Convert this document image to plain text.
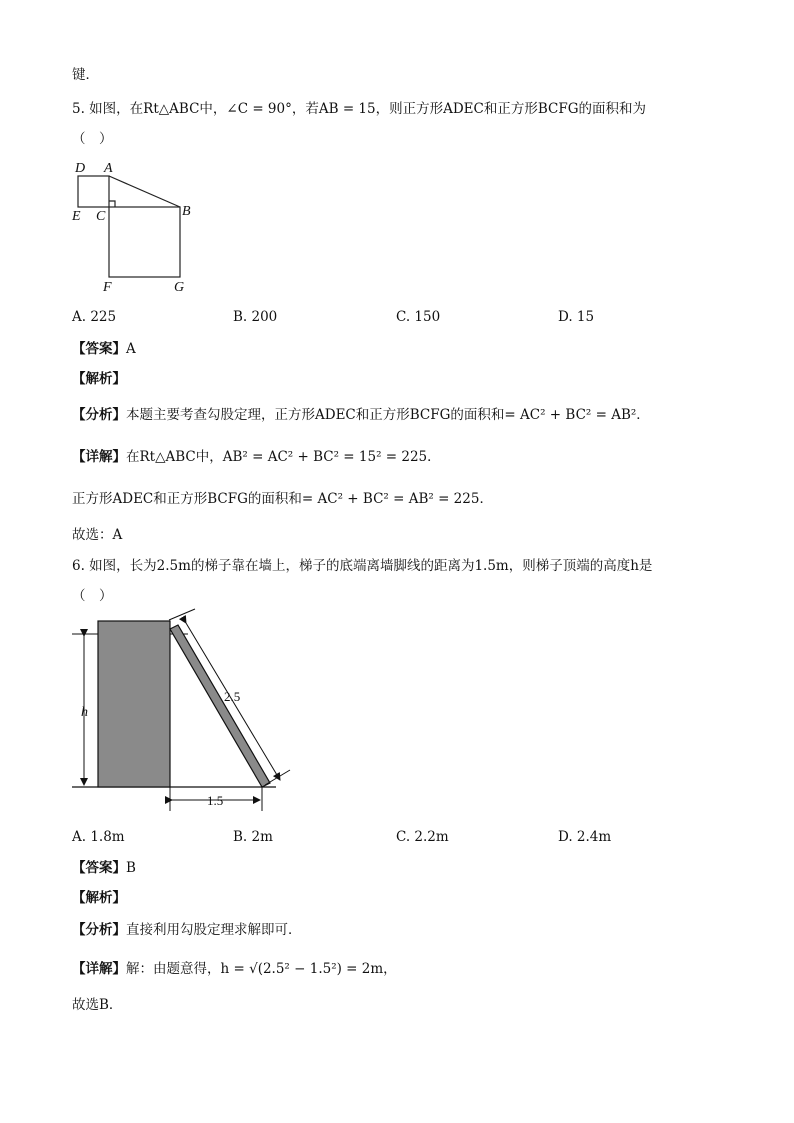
键．
5. 如图，在Rt△ABC中，∠C = 90°，若AB = 15，则正方形ADEC和正方形BCFG的面积和为
（　）
D A
E C	B
F	G
A. 225	B. 200	C. 150	D. 15
【答案】A
【解析】
【分析】本题主要考查勾股定理，正方形ADEC和正方形BCFG的面积和= AC² + BC² = AB²．
【详解】在Rt△ABC中，AB² = AC² + BC² = 15² = 225．
正方形ADEC和正方形BCFG的面积和= AC² + BC² = AB² = 225．
故选：A
6. 如图，长为2.5m的梯子靠在墙上，梯子的底端离墙脚线的距离为1.5m，则梯子顶端的高度h是
（　）
h
2.5
1.5
A. 1.8m	B. 2m	C. 2.2m	D. 2.4m
【答案】B
【解析】
【分析】直接利用勾股定理求解即可．
【详解】解：由题意得，h = √(2.5² − 1.5²) = 2m，
故选B．
